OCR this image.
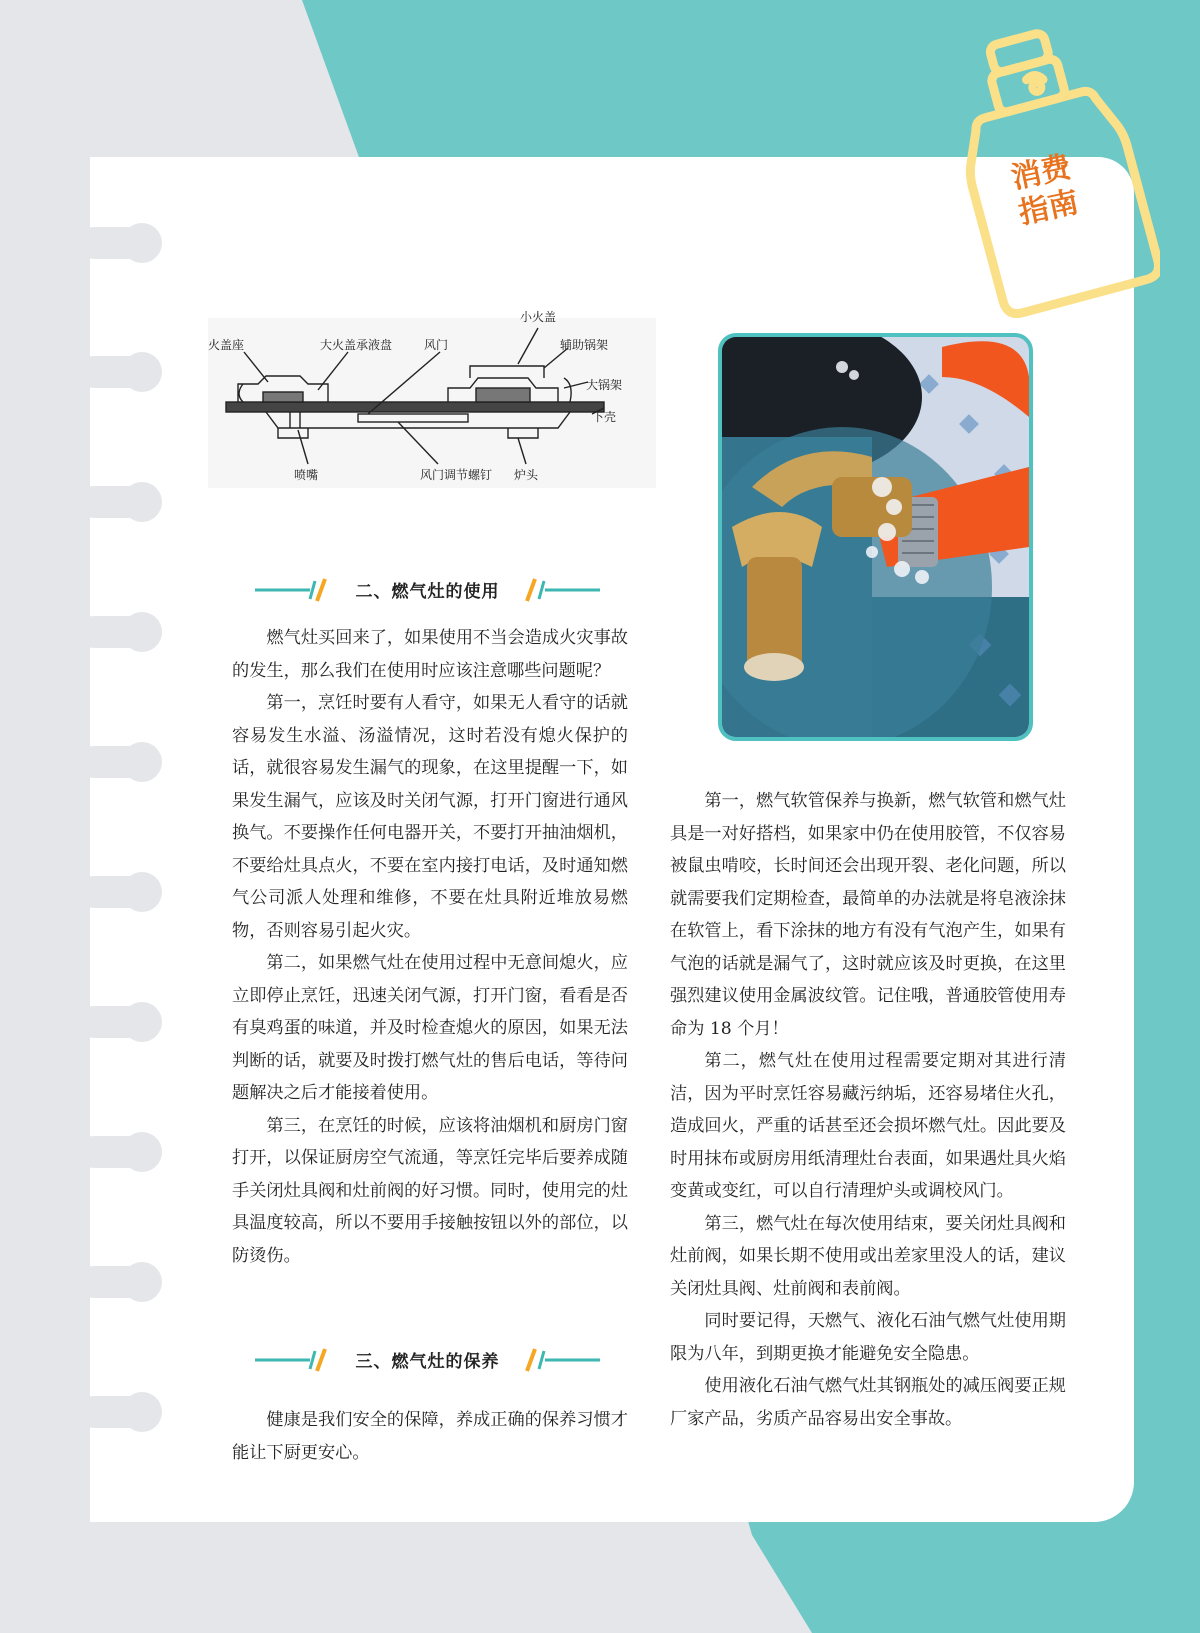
消费
指南
火盖座	大火盖承液盘	风门
小火盖
辅助锅架
大锅架
下壳
喷嘴	风门调节螺钉 炉头
二、燃气灶的使用

燃气灶买回来了，如果使用不当会造成火灾事故的发生，那么我们在使用时应该注意哪些问题呢？

第一，烹饪时要有人看守，如果无人看守的话就容易发生水溢、汤溢情况，这时若没有熄火保护的话，就很容易发生漏气的现象，在这里提醒一下，如果发生漏气，应该及时关闭气源，打开门窗进行通风换气。不要操作任何电器开关，不要打开抽油烟机，不要给灶具点火，不要在室内接打电话，及时通知燃气公司派人处理和维修，不要在灶具附近堆放易燃物，否则容易引起火灾。

第二，如果燃气灶在使用过程中无意间熄火，应立即停止烹饪，迅速关闭气源，打开门窗，看看是否有臭鸡蛋的味道，并及时检查熄火的原因，如果无法判断的话，就要及时拨打燃气灶的售后电话，等待问题解决之后才能接着使用。

第三，在烹饪的时候，应该将油烟机和厨房门窗打开，以保证厨房空气流通，等烹饪完毕后要养成随手关闭灶具阀和灶前阀的好习惯。同时，使用完的灶具温度较高，所以不要用手接触按钮以外的部位，以防烫伤。

三、燃气灶的保养

健康是我们安全的保障，养成正确的保养习惯才能让下厨更安心。

第一，燃气软管保养与换新，燃气软管和燃气灶具是一对好搭档，如果家中仍在使用胶管，不仅容易被鼠虫啃咬，长时间还会出现开裂、老化问题，所以就需要我们定期检查，最简单的办法就是将皂液涂抹在软管上，看下涂抹的地方有没有气泡产生，如果有气泡的话就是漏气了，这时就应该及时更换，在这里强烈建议使用金属波纹管。记住哦，普通胶管使用寿命为 18 个月！

第二，燃气灶在使用过程需要定期对其进行清洁，因为平时烹饪容易藏污纳垢，还容易堵住火孔，造成回火，严重的话甚至还会损坏燃气灶。因此要及时用抹布或厨房用纸清理灶台表面，如果遇灶具火焰变黄或变红，可以自行清理炉头或调校风门。

第三，燃气灶在每次使用结束，要关闭灶具阀和灶前阀，如果长期不使用或出差家里没人的话，建议关闭灶具阀、灶前阀和表前阀。

同时要记得，天燃气、液化石油气燃气灶使用期限为八年，到期更换才能避免安全隐患。

使用液化石油气燃气灶其钢瓶处的减压阀要正规厂家产品，劣质产品容易出安全事故。
